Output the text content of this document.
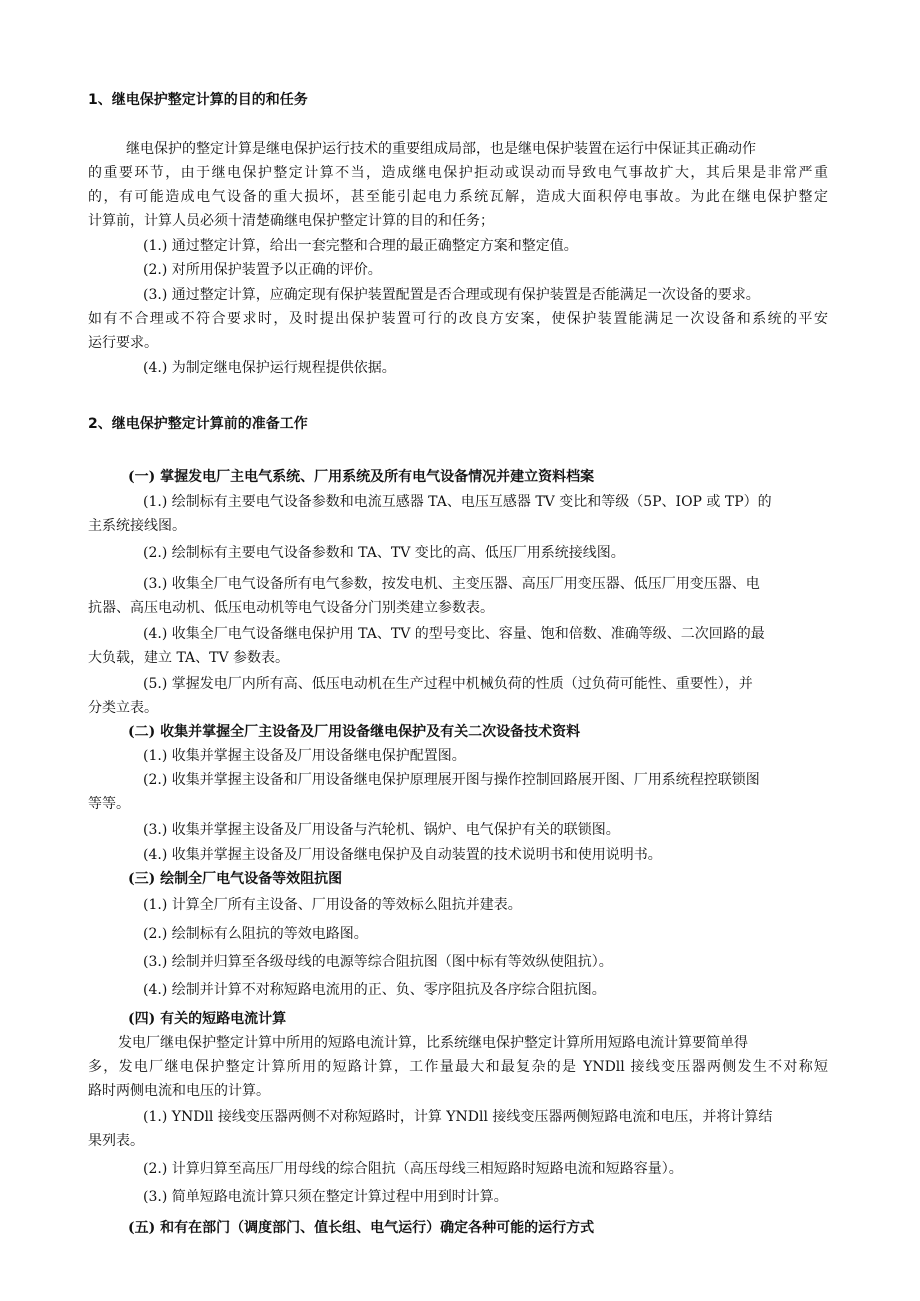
1、继电保护整定计算的目的和任务

继电保护的整定计算是继电保护运行技术的重要组成局部，也是继电保护装置在运行中保证其正确动作

的重要环节，由于继电保护整定计算不当，造成继电保护拒动或误动而导致电气事故扩大，其后果是非常严重

的，有可能造成电气设备的重大损坏，甚至能引起电力系统瓦解，造成大面积停电事故。为此在继电保护整定

计算前，计算人员必须十清楚确继电保护整定计算的目的和任务；

(1.) 通过整定计算，给出一套完整和合理的最正确整定方案和整定值。

(2.) 对所用保护装置予以正确的评价。

(3.) 通过整定计算，应确定现有保护装置配置是否合理或现有保护装置是否能满足一次设备的要求。

如有不合理或不符合要求时，及时提出保护装置可行的改良方安案，使保护装置能满足一次设备和系统的平安

运行要求。

(4.) 为制定继电保护运行规程提供依据。

2、继电保护整定计算前的准备工作

(一) 掌握发电厂主电气系统、厂用系统及所有电气设备情况并建立资料档案

(1.) 绘制标有主要电气设备参数和电流互感器 TA、电压互感器 TV 变比和等级（5P、IOP 或 TP）的

主系统接线图。

(2.) 绘制标有主要电气设备参数和 TA、TV 变比的高、低压厂用系统接线图。

(3.) 收集全厂电气设备所有电气参数，按发电机、主变压器、高压厂用变压器、低压厂用变压器、电

抗器、高压电动机、低压电动机等电气设备分门别类建立参数表。

(4.) 收集全厂电气设备继电保护用 TA、TV 的型号变比、容量、饱和倍数、准确等级、二次回路的最

大负载，建立 TA、TV 参数表。

(5.) 掌握发电厂内所有高、低压电动机在生产过程中机械负荷的性质（过负荷可能性、重要性），并

分类立表。

(二) 收集并掌握全厂主设备及厂用设备继电保护及有关二次设备技术资料

(1.) 收集并掌握主设备及厂用设备继电保护配置图。

(2.) 收集并掌握主设备和厂用设备继电保护原理展开图与操作控制回路展开图、厂用系统程控联锁图

等等。

(3.) 收集并掌握主设备及厂用设备与汽轮机、锅炉、电气保护有关的联锁图。

(4.) 收集并掌握主设备及厂用设备继电保护及自动装置的技术说明书和使用说明书。

(三) 绘制全厂电气设备等效阻抗图

(1.) 计算全厂所有主设备、厂用设备的等效标么阻抗并建表。

(2.) 绘制标有么阻抗的等效电路图。

(3.) 绘制并归算至各级母线的电源等综合阻抗图（图中标有等效纵使阻抗）。

(4.) 绘制并计算不对称短路电流用的正、负、零序阻抗及各序综合阻抗图。

(四) 有关的短路电流计算

发电厂继电保护整定计算中所用的短路电流计算，比系统继电保护整定计算所用短路电流计算要简单得

多，发电厂继电保护整定计算所用的短路计算，工作量最大和最复杂的是 YNDll 接线变压器两侧发生不对称短

路时两侧电流和电压的计算。

(1.) YNDll 接线变压器两侧不对称短路时，计算 YNDll 接线变压器两侧短路电流和电压，并将计算结

果列表。

(2.) 计算归算至高压厂用母线的综合阻抗（高压母线三相短路时短路电流和短路容量）。

(3.) 简单短路电流计算只须在整定计算过程中用到时计算。

(五) 和有在部门（调度部门、值长组、电气运行）确定各种可能的运行方式
